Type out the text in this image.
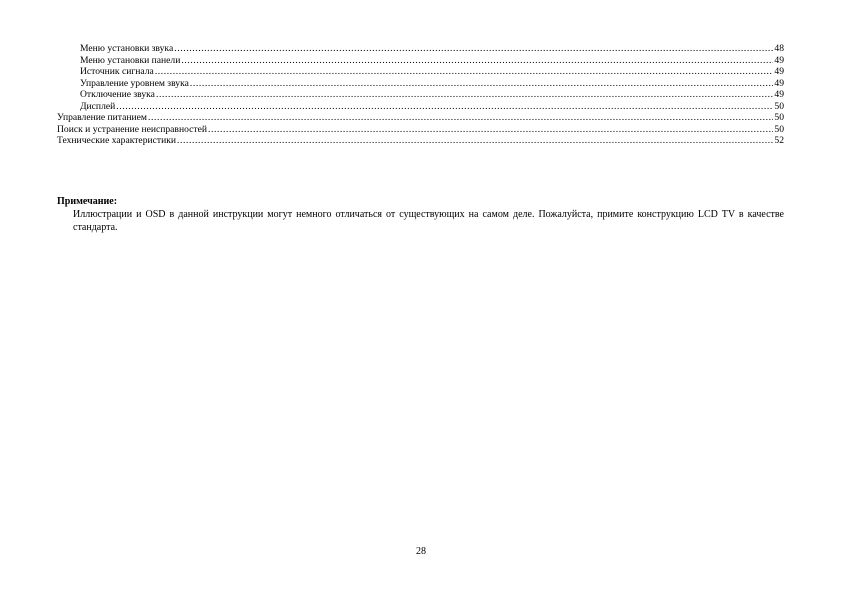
Меню установки звука .....	48
Меню установки панели .....	49
Источник сигнала .....	49
Управление уровнем звука .....	49
Отключение звука .....	49
Дисплей .....	50
Управление питанием .....	50
Поиск и устранение неисправностей .....	50
Технические характеристики .....	52

Примечание:

Иллюстрации и OSD в данной инструкции могут немного отличаться от существующих на самом деле. Пожалуйста, примите конструкцию LCD TV в качестве стандарта.

28
